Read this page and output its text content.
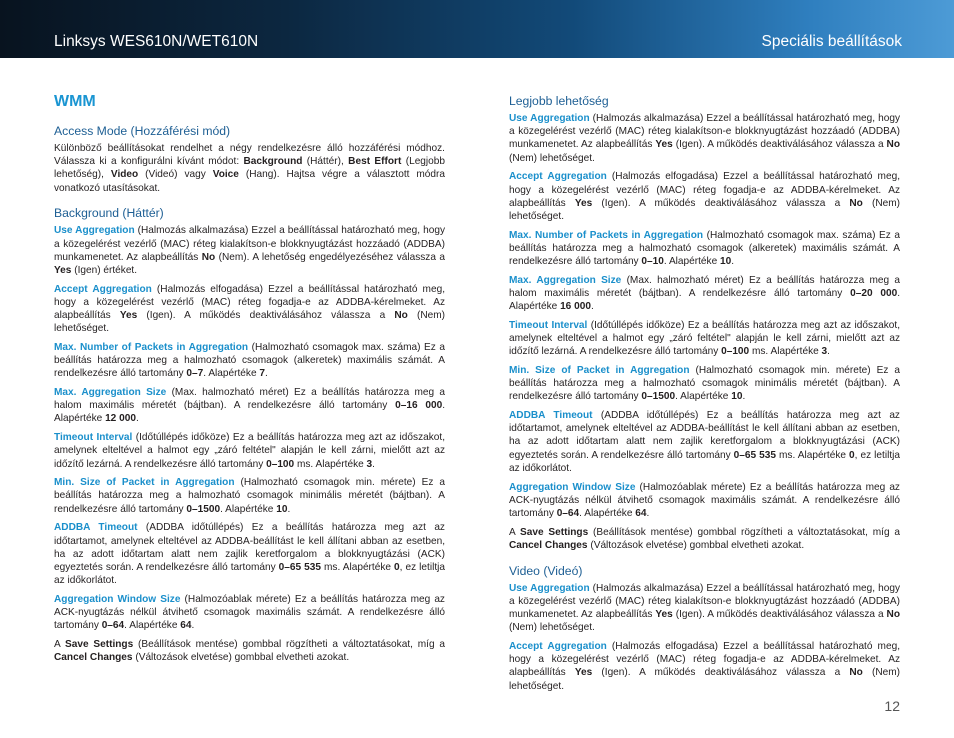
Linksys WES610N/WET610N	Speciális beállítások
WMM
Access Mode (Hozzáférési mód)
Különböző beállításokat rendelhet a négy rendelkezésre álló hozzáférési módhoz. Válassza ki a konfigurálni kívánt módot: Background (Háttér), Best Effort (Legjobb lehetőség), Video (Videó) vagy Voice (Hang). Hajtsa végre a választott módra vonatkozó utasításokat.
Background (Háttér)
Use Aggregation (Halmozás alkalmazása) Ezzel a beállítással határozható meg, hogy a közegelérést vezérlő (MAC) réteg kialakítson-e blokknyugtázást hozzáadó (ADDBA) munkamenetet. Az alapbeállítás No (Nem). A lehetőség engedélyezéséhez válassza a Yes (Igen) értéket.
Accept Aggregation (Halmozás elfogadása) Ezzel a beállítással határozható meg, hogy a közegelérést vezérlő (MAC) réteg fogadja-e az ADDBA-kérelmeket. Az alapbeállítás Yes (Igen). A működés deaktiválásához válassza a No (Nem) lehetőséget.
Max. Number of Packets in Aggregation (Halmozható csomagok max. száma) Ez a beállítás határozza meg a halmozható csomagok (alkeretek) maximális számát. A rendelkezésre álló tartomány 0–7. Alapértéke 7.
Max. Aggregation Size (Max. halmozható méret) Ez a beállítás határozza meg a halom maximális méretét (bájtban). A rendelkezésre álló tartomány 0–16 000. Alapértéke 12 000.
Timeout Interval (Időtúllépés időköze) Ez a beállítás határozza meg azt az időszakot, amelynek elteltével a halmot egy „záró feltétel" alapján le kell zárni, mielőtt azt az időzítő lezárná. A rendelkezésre álló tartomány 0–100 ms. Alapértéke 3.
Min. Size of Packet in Aggregation (Halmozható csomagok min. mérete) Ez a beállítás határozza meg a halmozható csomagok minimális méretét (bájtban). A rendelkezésre álló tartomány 0–1500. Alapértéke 10.
ADDBA Timeout (ADDBA időtúllépés) Ez a beállítás határozza meg azt az időtartamot, amelynek elteltével az ADDBA-beállítást le kell állítani abban az esetben, ha az adott időtartam alatt nem zajlik keretforgalom a blokknyugtázási (ACK) egyeztetés során. A rendelkezésre álló tartomány 0–65 535 ms. Alapértéke 0, ez letiltja az időkorlátot.
Aggregation Window Size (Halmozóablak mérete) Ez a beállítás határozza meg az ACK-nyugtázás nélkül átvihető csomagok maximális számát. A rendelkezésre álló tartomány 0–64. Alapértéke 64.
A Save Settings (Beállítások mentése) gombbal rögzítheti a változtatásokat, míg a Cancel Changes (Változások elvetése) gombbal elvetheti azokat.
Legjobb lehetőség
Use Aggregation (Halmozás alkalmazása) Ezzel a beállítással határozható meg, hogy a közegelérést vezérlő (MAC) réteg kialakítson-e blokknyugtázást hozzáadó (ADDBA) munkamenetet. Az alapbeállítás Yes (Igen). A működés deaktiválásához válassza a No (Nem) lehetőséget.
Accept Aggregation (Halmozás elfogadása) Ezzel a beállítással határozható meg, hogy a közegelérést vezérlő (MAC) réteg fogadja-e az ADDBA-kérelmeket. Az alapbeállítás Yes (Igen). A működés deaktiválásához válassza a No (Nem) lehetőséget.
Max. Number of Packets in Aggregation (Halmozható csomagok max. száma) Ez a beállítás határozza meg a halmozható csomagok (alkeretek) maximális számát. A rendelkezésre álló tartomány 0–10. Alapértéke 10.
Max. Aggregation Size (Max. halmozható méret) Ez a beállítás határozza meg a halom maximális méretét (bájtban). A rendelkezésre álló tartomány 0–20 000. Alapértéke 16 000.
Timeout Interval (Időtúllépés időköze) Ez a beállítás határozza meg azt az időszakot, amelynek elteltével a halmot egy „záró feltétel" alapján le kell zárni, mielőtt azt az időzítő lezárná. A rendelkezésre álló tartomány 0–100 ms. Alapértéke 3.
Min. Size of Packet in Aggregation (Halmozható csomagok min. mérete) Ez a beállítás határozza meg a halmozható csomagok minimális méretét (bájtban). A rendelkezésre álló tartomány 0–1500. Alapértéke 10.
ADDBA Timeout (ADDBA időtúllépés) Ez a beállítás határozza meg azt az időtartamot, amelynek elteltével az ADDBA-beállítást le kell állítani abban az esetben, ha az adott időtartam alatt nem zajlik keretforgalom a blokknyugtázási (ACK) egyeztetés során. A rendelkezésre álló tartomány 0–65 535 ms. Alapértéke 0, ez letiltja az időkorlátot.
Aggregation Window Size (Halmozóablak mérete) Ez a beállítás határozza meg az ACK-nyugtázás nélkül átvihető csomagok maximális számát. A rendelkezésre álló tartomány 0–64. Alapértéke 64.
A Save Settings (Beállítások mentése) gombbal rögzítheti a változtatásokat, míg a Cancel Changes (Változások elvetése) gombbal elvetheti azokat.
Video (Videó)
Use Aggregation (Halmozás alkalmazása) Ezzel a beállítással határozható meg, hogy a közegelérést vezérlő (MAC) réteg kialakítson-e blokknyugtázást hozzáadó (ADDBA) munkamenetet. Az alapbeállítás Yes (Igen). A működés deaktiválásához válassza a No (Nem) lehetőséget.
Accept Aggregation (Halmozás elfogadása) Ezzel a beállítással határozható meg, hogy a közegelérést vezérlő (MAC) réteg fogadja-e az ADDBA-kérelmeket. Az alapbeállítás Yes (Igen). A működés deaktiválásához válassza a No (Nem) lehetőséget.
12
